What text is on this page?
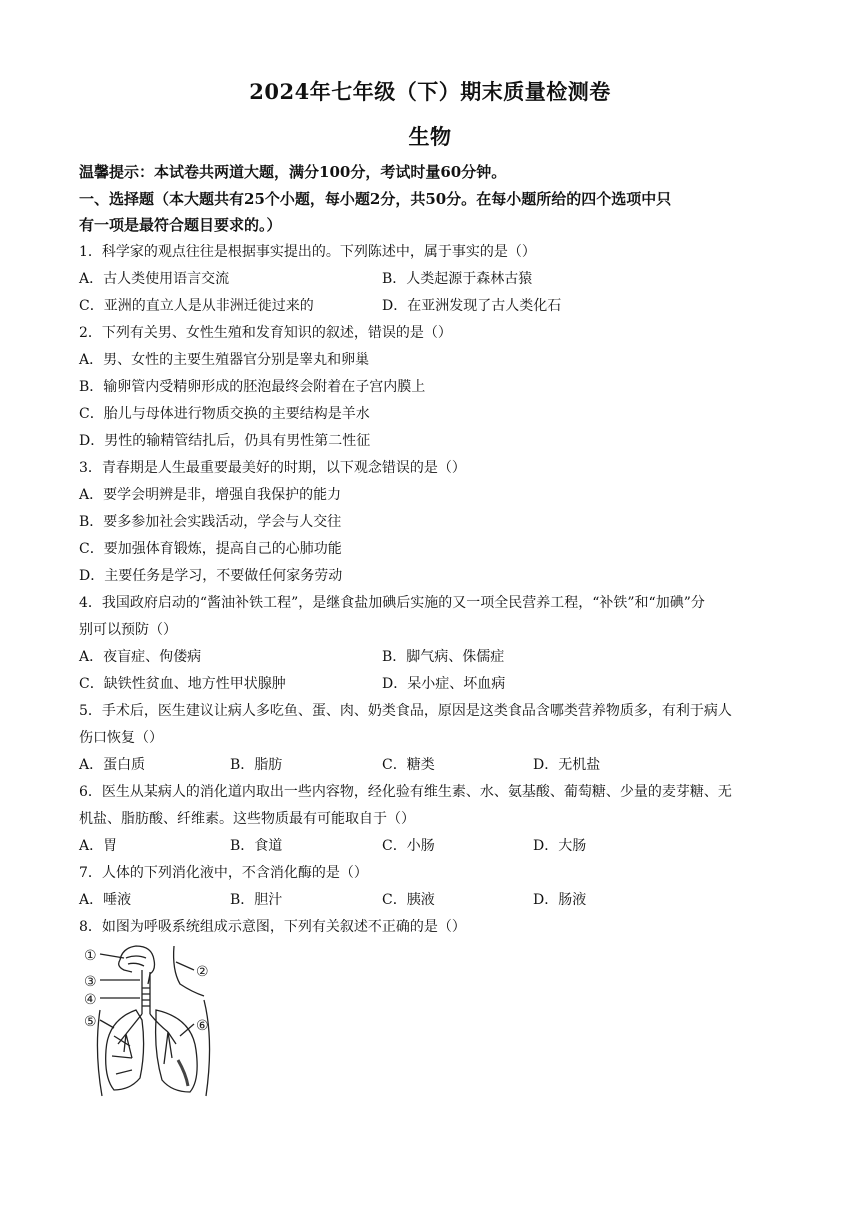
2024年七年级（下）期末质量检测卷
生物
温馨提示：本试卷共两道大题，满分100分，考试时量60分钟。
一、选择题（本大题共有25个小题，每小题2分，共50分。在每小题所给的四个选项中只
有一项是最符合题目要求的。）
1．科学家的观点往往是根据事实提出的。下列陈述中，属于事实的是（）
A．古人类使用语言交流	B．人类起源于森林古猿
C．亚洲的直立人是从非洲迁徙过来的	D．在亚洲发现了古人类化石
2．下列有关男、女性生殖和发育知识的叙述，错误的是（）
A．男、女性的主要生殖器官分别是睾丸和卵巢
B．输卵管内受精卵形成的胚泡最终会附着在子宫内膜上
C．胎儿与母体进行物质交换的主要结构是羊水
D．男性的输精管结扎后，仍具有男性第二性征
3．青春期是人生最重要最美好的时期，以下观念错误的是（）
A．要学会明辨是非，增强自我保护的能力
B．要多参加社会实践活动，学会与人交往
C．要加强体育锻炼，提高自己的心肺功能
D．主要任务是学习，不要做任何家务劳动
4．我国政府启动的“酱油补铁工程”，是继食盐加碘后实施的又一项全民营养工程，“补铁”和“加碘”分
别可以预防（）
A．夜盲症、佝偻病	B．脚气病、侏儒症
C．缺铁性贫血、地方性甲状腺肿	D．呆小症、坏血病
5．手术后，医生建议让病人多吃鱼、蛋、肉、奶类食品，原因是这类食品含哪类营养物质多，有利于病人
伤口恢复（）
A．蛋白质	B．脂肪	C．糖类	D．无机盐
6．医生从某病人的消化道内取出一些内容物，经化验有维生素、水、氨基酸、葡萄糖、少量的麦芽糖、无
机盐、脂肪酸、纤维素。这些物质最有可能取自于（）
A．胃	B．食道	C．小肠	D．大肠
7．人体的下列消化液中，不含消化酶的是（）
A．唾液	B．胆汁	C．胰液	D．肠液
8．如图为呼吸系统组成示意图，下列有关叙述不正确的是（）
①
②
③
④
⑤	⑥
